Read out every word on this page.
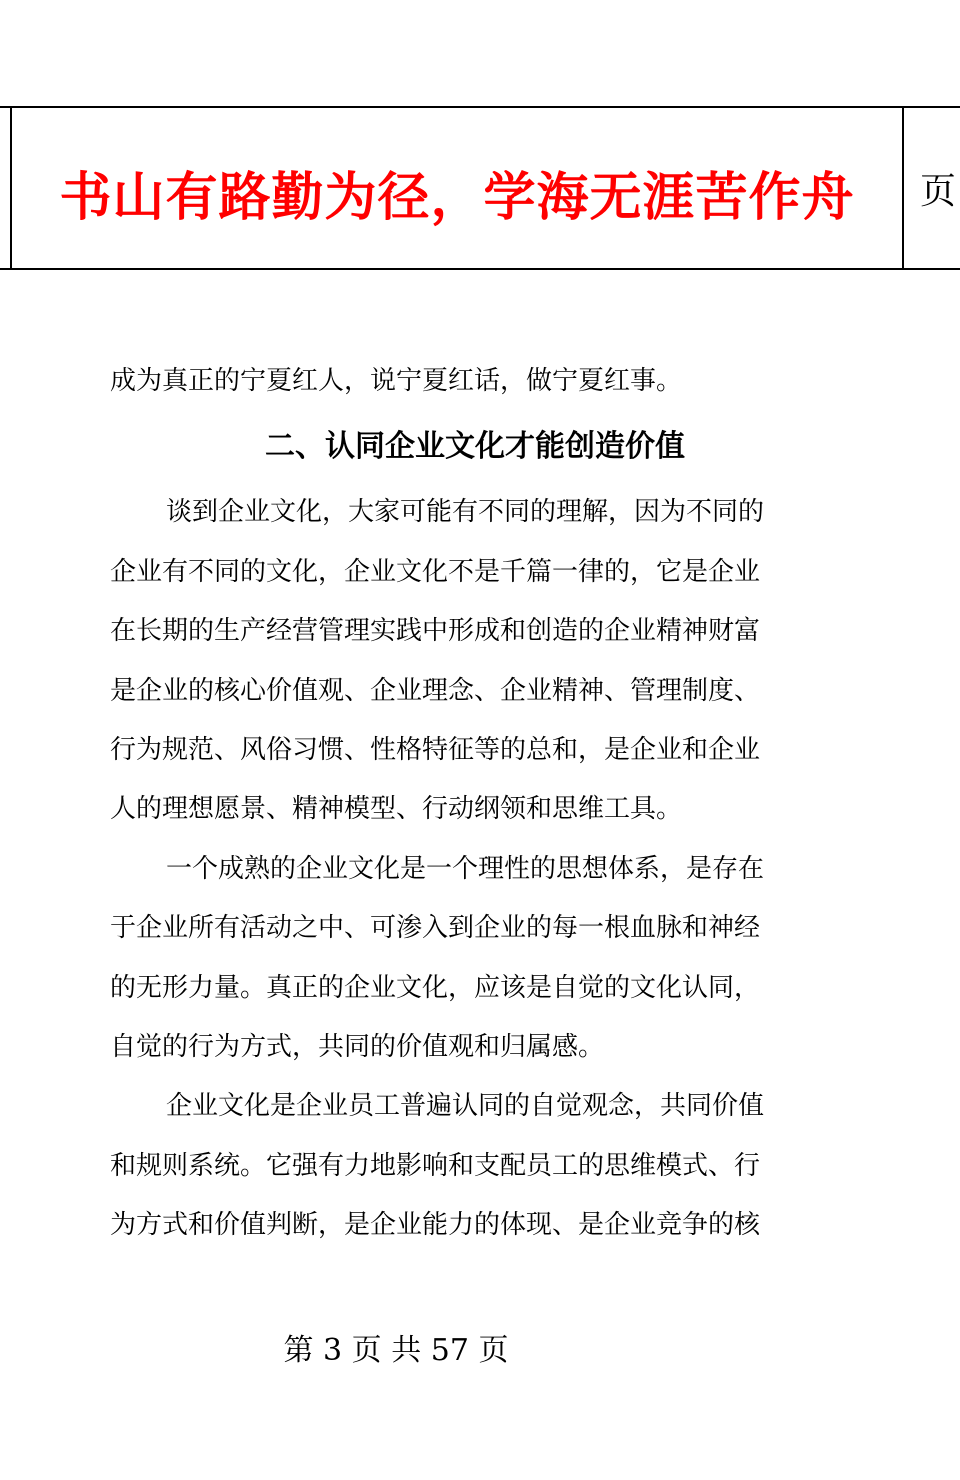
书山有路勤为径，学海无涯苦作舟	页
成为真正的宁夏红人，说宁夏红话，做宁夏红事。
二、认同企业文化才能创造价值
谈到企业文化，大家可能有不同的理解，因为不同的
企业有不同的文化，企业文化不是千篇一律的，它是企业
在长期的生产经营管理实践中形成和创造的企业精神财富
是企业的核心价值观、企业理念、企业精神、管理制度、
行为规范、风俗习惯、性格特征等的总和，是企业和企业
人的理想愿景、精神模型、行动纲领和思维工具。
一个成熟的企业文化是一个理性的思想体系，是存在
于企业所有活动之中、可渗入到企业的每一根血脉和神经
的无形力量。真正的企业文化，应该是自觉的文化认同，
自觉的行为方式，共同的价值观和归属感。
企业文化是企业员工普遍认同的自觉观念，共同价值
和规则系统。它强有力地影响和支配员工的思维模式、行
为方式和价值判断，是企业能力的体现、是企业竞争的核
第 3 页 共 57 页
